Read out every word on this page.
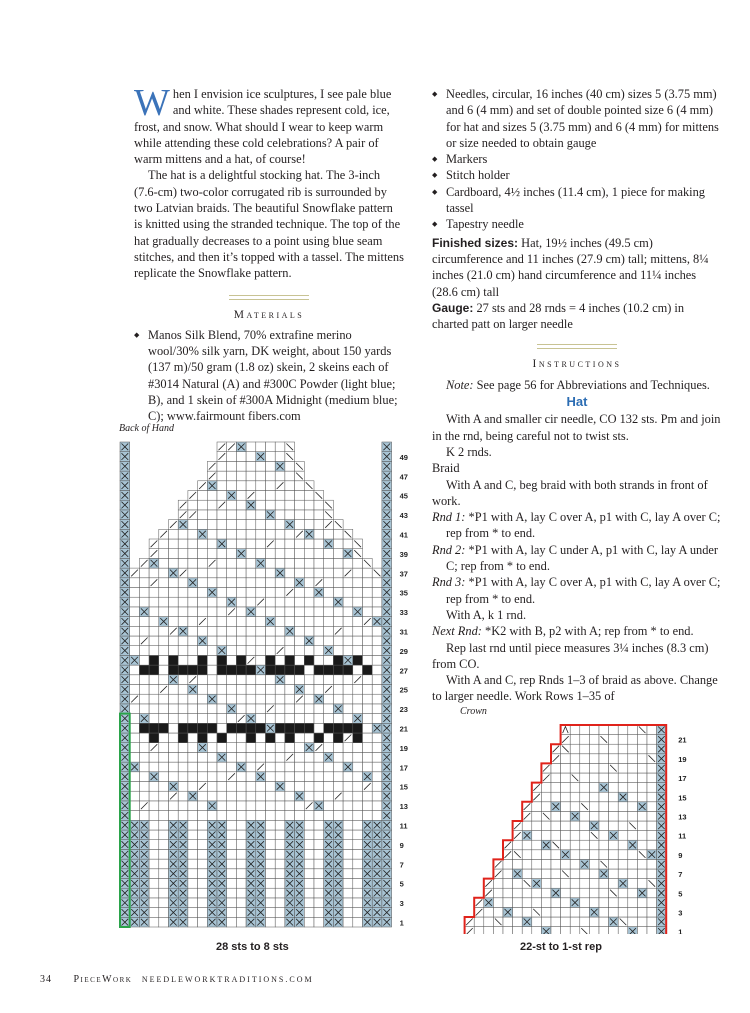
When I envision ice sculptures, I see pale blue and white. These shades represent cold, ice, frost, and snow. What should I wear to keep warm while attending these cold celebrations? A pair of warm mittens and a hat, of course!

The hat is a delightful stocking hat. The 3-inch (7.6-cm) two-color corrugated rib is surrounded by two Latvian braids. The beautiful Snowflake pattern is knitted using the stranded technique. The top of the hat gradually decreases to a point using blue seam stitches, and then it’s topped with a tassel. The mittens replicate the Snowflake pattern.

Materials
◆ Manos Silk Blend, 70% extrafine merino wool/30% silk yarn, DK weight, about 150 yards (137 m)/50 gram (1.8 oz) skein, 2 skeins each of #3014 Natural (A) and #300C Powder (light blue; B), and 1 skein of #300A Midnight (medium blue; C); www.fairmount fibers.com
◆ Needles, circular, 16 inches (40 cm) sizes 5 (3.75 mm) and 6 (4 mm) and set of double pointed size 6 (4 mm) for hat and sizes 5 (3.75 mm) and 6 (4 mm) for mittens or size needed to obtain gauge
◆ Markers
◆ Stitch holder
◆ Cardboard, 4½ inches (11.4 cm), 1 piece for making tassel
◆ Tapestry needle

Finished sizes: Hat, 19½ inches (49.5 cm) circumference and 11 inches (27.9 cm) tall; mittens, 8¼ inches (21.0 cm) hand circumference and 11¼ inches (28.6 cm) tall

Gauge: 27 sts and 28 rnds = 4 inches (10.2 cm) in charted patt on larger needle

Instructions

Note: See page 56 for Abbreviations and Techniques.

Hat

With A and smaller cir needle, CO 132 sts. Pm and join in the rnd, being careful not to twist sts.

K 2 rnds.

Braid

With A and C, beg braid with both strands in front of work.

Rnd 1: *P1 with A, lay C over A, p1 with C, lay A over C; rep from * to end.

Rnd 2: *P1 with A, lay C under A, p1 with C, lay A under C; rep from * to end.

Rnd 3: *P1 with A, lay C over A, p1 with C, lay A over C; rep from * to end.

With A, k 1 rnd.

Next Rnd: *K2 with B, p2 with A; rep from * to end.

Rep last rnd until piece measures 3¼ inches (8.3 cm) from CO.

With A and C, rep Rnds 1–3 of braid as above. Change to larger needle. Work Rows 1–35 of

Back of Hand
1
3
5
7
9
11
13
15
17
19
21
23
25
27
29
31
33
35
37
39
41
43
45
47
49
28 sts to 8 sts
Crown
1
3
5
7
9
11
13
15
17
19
21
22-st to 1-st rep
34 PieceWork NEEDLEWORKTRADITIONS.COM
